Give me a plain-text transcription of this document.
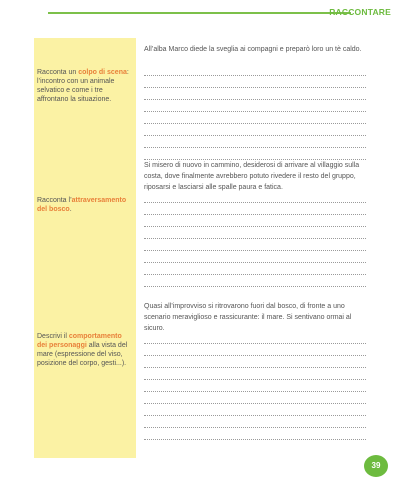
RACCONTARE
Racconta un colpo di scena: l’incontro con un animale selvatico e come i tre affrontano la situazione.
Racconta l’attraversamento del bosco.
Descrivi il comportamento dei personaggi alla vista del mare (espressione del viso, posizione del corpo, gesti...).
All’alba Marco diede la sveglia ai compagni e preparò loro un tè caldo.
Si misero di nuovo in cammino, desiderosi di arrivare al villaggio sulla costa, dove finalmente avrebbero potuto rivedere il resto del gruppo, riposarsi e lasciarsi alle spalle paura e fatica.
Quasi all’improvviso si ritrovarono fuori dal bosco, di fronte a uno scenario meraviglioso e rassicurante: il mare. Si sentivano ormai al sicuro.
39
